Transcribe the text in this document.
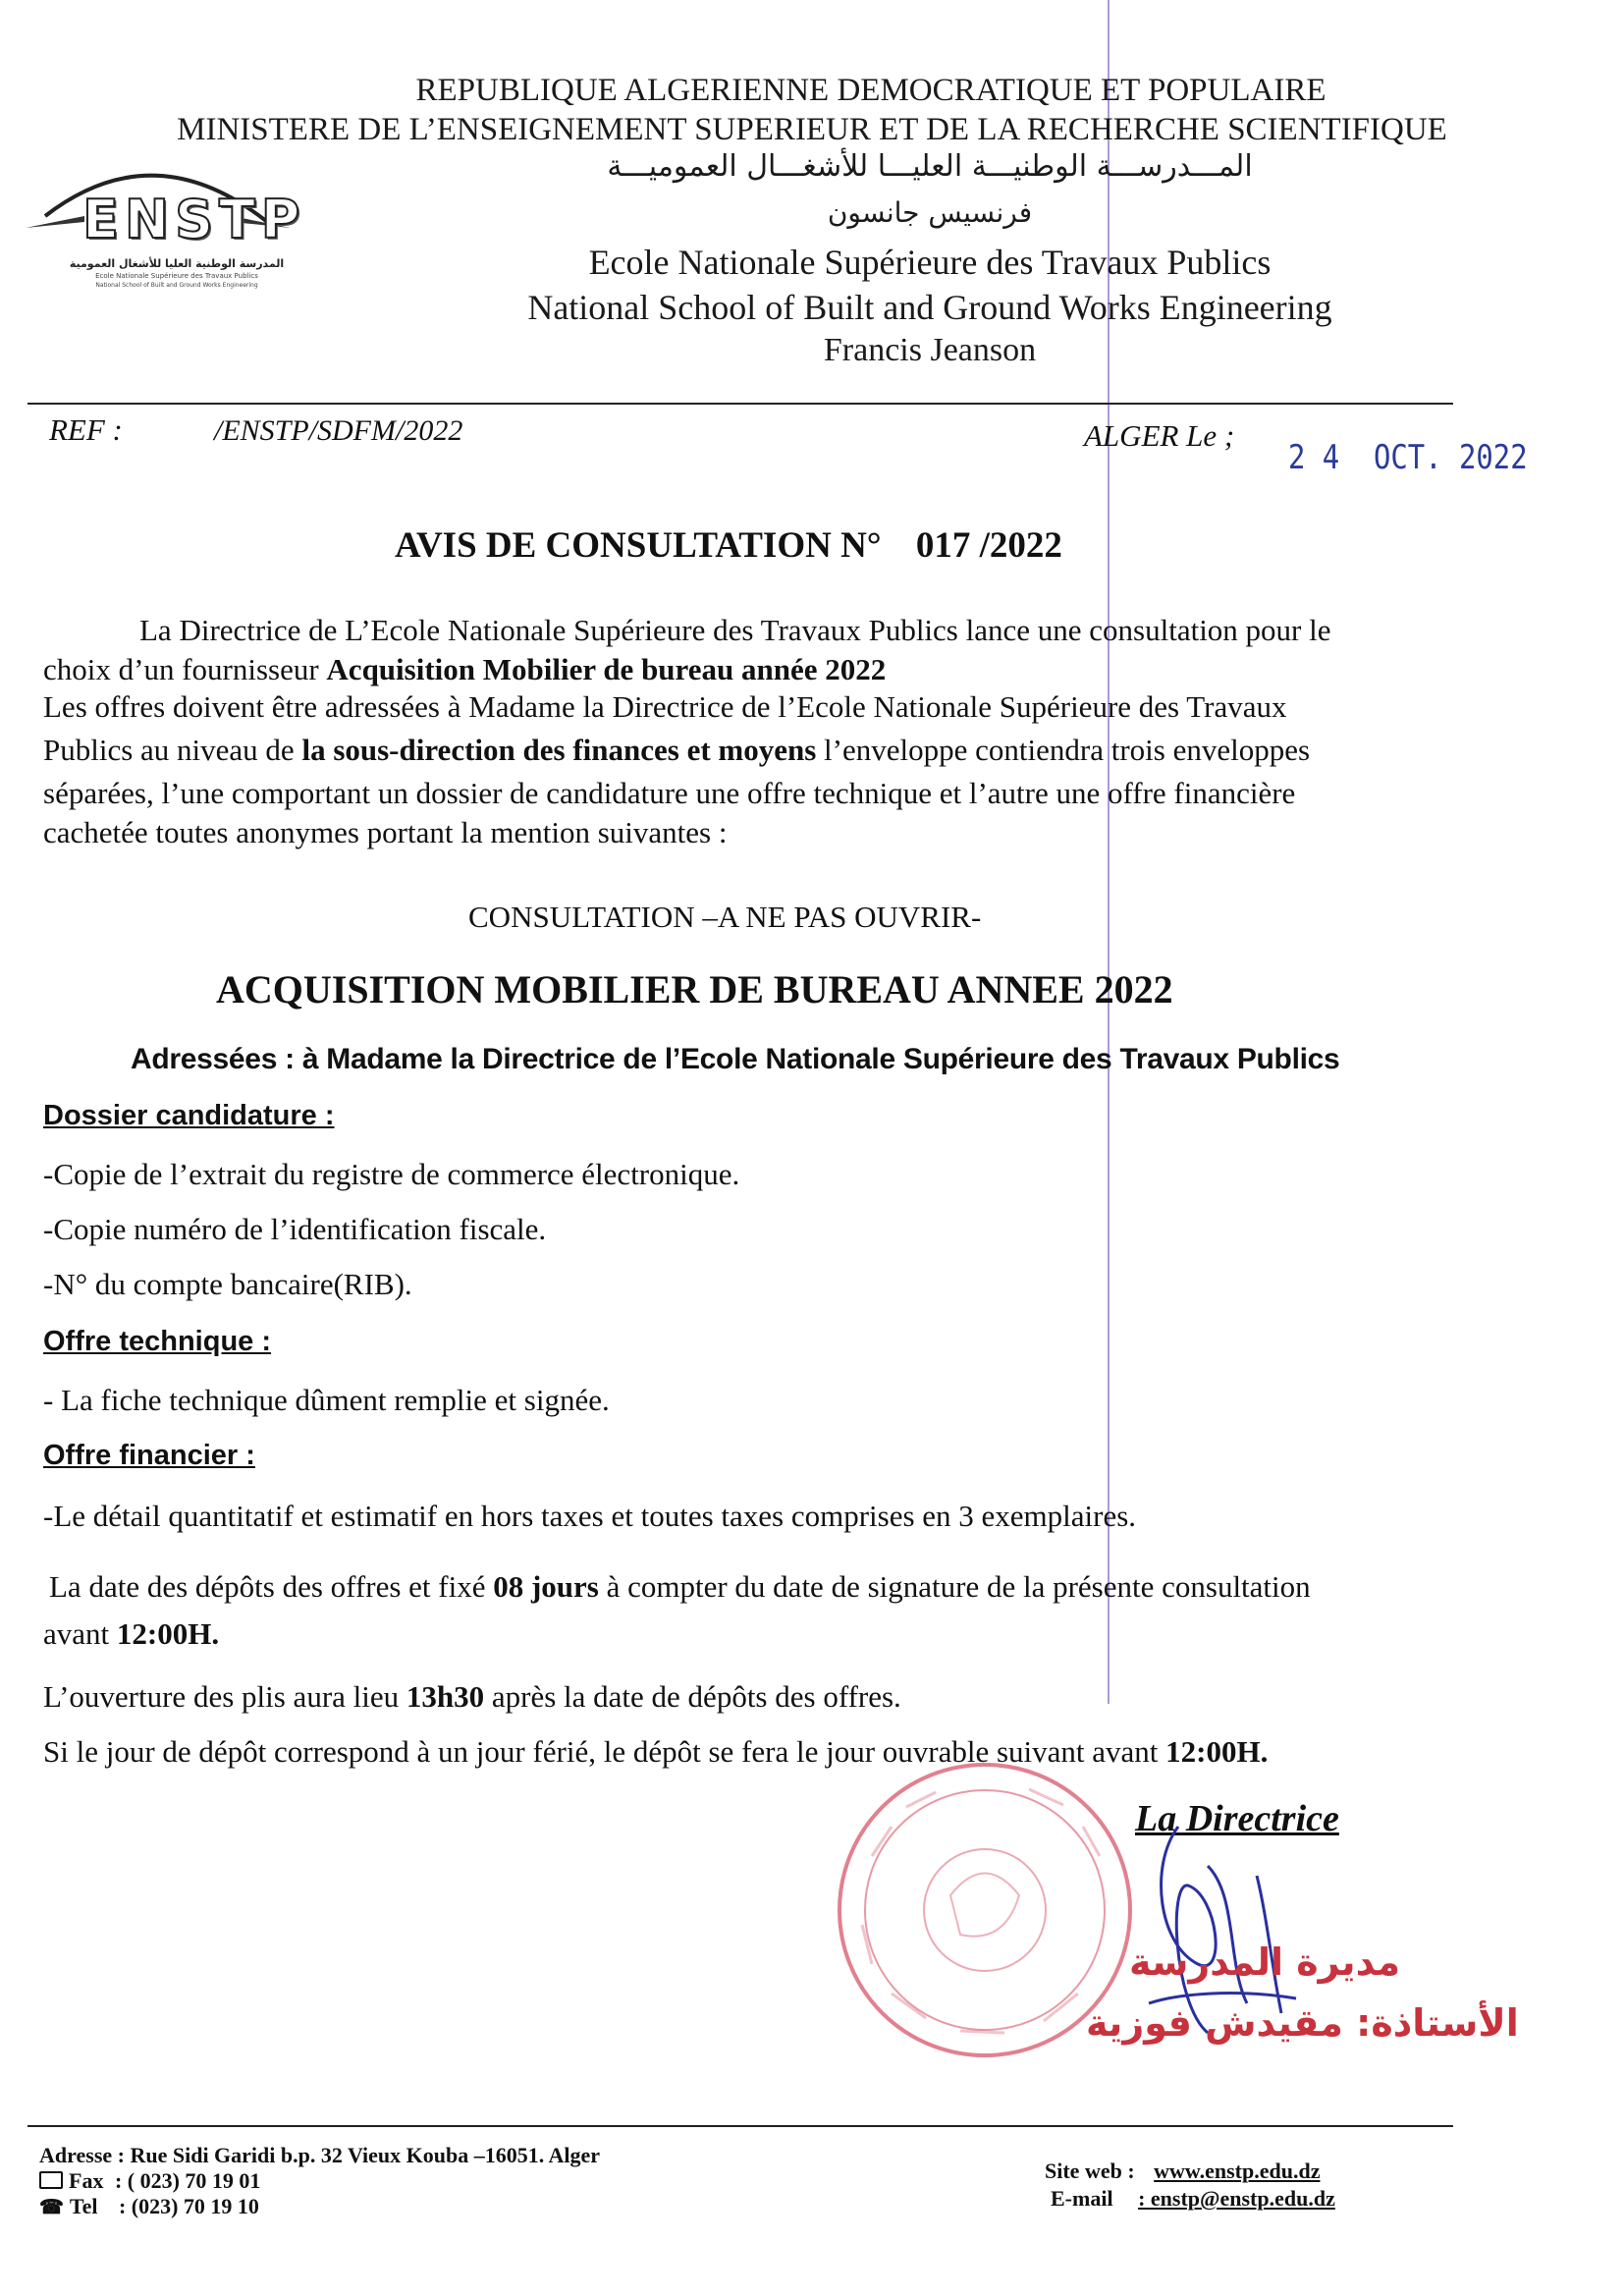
REPUBLIQUE ALGERIENNE DEMOCRATIQUE ET POPULAIRE
MINISTERE DE L’ENSEIGNEMENT SUPERIEUR ET DE LA RECHERCHE SCIENTIFIQUE
المـــدرســـة الوطنيـــة العليـــا للأشغـــال العموميـــة
فرنسيس جانسون
Ecole Nationale Supérieure des Travaux Publics
National School of Built and Ground Works Engineering
Francis Jeanson
ENSTP
المدرسة الوطنية العليا للأشغال العمومية
Ecole Nationale Supérieure des Travaux Publics
National School of Built and Ground Works Engineering
REF :	/ENSTP/SDFM/2022	ALGER Le ;
2 4  OCT. 2022
AVIS DE CONSULTATION N° 017 /2022
La Directrice de L’Ecole Nationale Supérieure des Travaux Publics lance une consultation pour le
choix d’un fournisseur Acquisition Mobilier de bureau année 2022
Les offres doivent être adressées à Madame la Directrice de l’Ecole Nationale Supérieure des Travaux
Publics au niveau de la sous-direction des finances et moyens l’enveloppe contiendra trois enveloppes
séparées, l’une comportant un dossier de candidature une offre technique et l’autre une offre financière
cachetée toutes anonymes portant la mention suivantes :
CONSULTATION –A NE PAS OUVRIR-
ACQUISITION MOBILIER DE BUREAU ANNEE 2022
Adressées : à Madame la Directrice de l’Ecole Nationale Supérieure des Travaux Publics
Dossier candidature :
-Copie de l’extrait du registre de commerce électronique.
-Copie numéro de l’identification fiscale.
-N° du compte bancaire(RIB).
Offre technique :
- La fiche technique dûment remplie et signée.
Offre financier :
-Le détail quantitatif et estimatif en hors taxes et toutes taxes comprises en 3 exemplaires.
La date des dépôts des offres et fixé 08 jours à compter du date de signature de la présente consultation
avant 12:00H.
L’ouverture des plis aura lieu 13h30 après la date de dépôts des offres.
Si le jour de dépôt correspond à un jour férié, le dépôt se fera le jour ouvrable suivant avant 12:00H.
La Directrice
مديرة المدرسة
الأستاذة: مقيدش فوزية
Adresse : Rue Sidi Garidi b.p. 32 Vieux Kouba –16051. Alger
Fax : ( 023) 70 19 01
☎ Tel : (023) 70 19 10
Site web : www.enstp.edu.dz
E-mail : enstp@enstp.edu.dz
